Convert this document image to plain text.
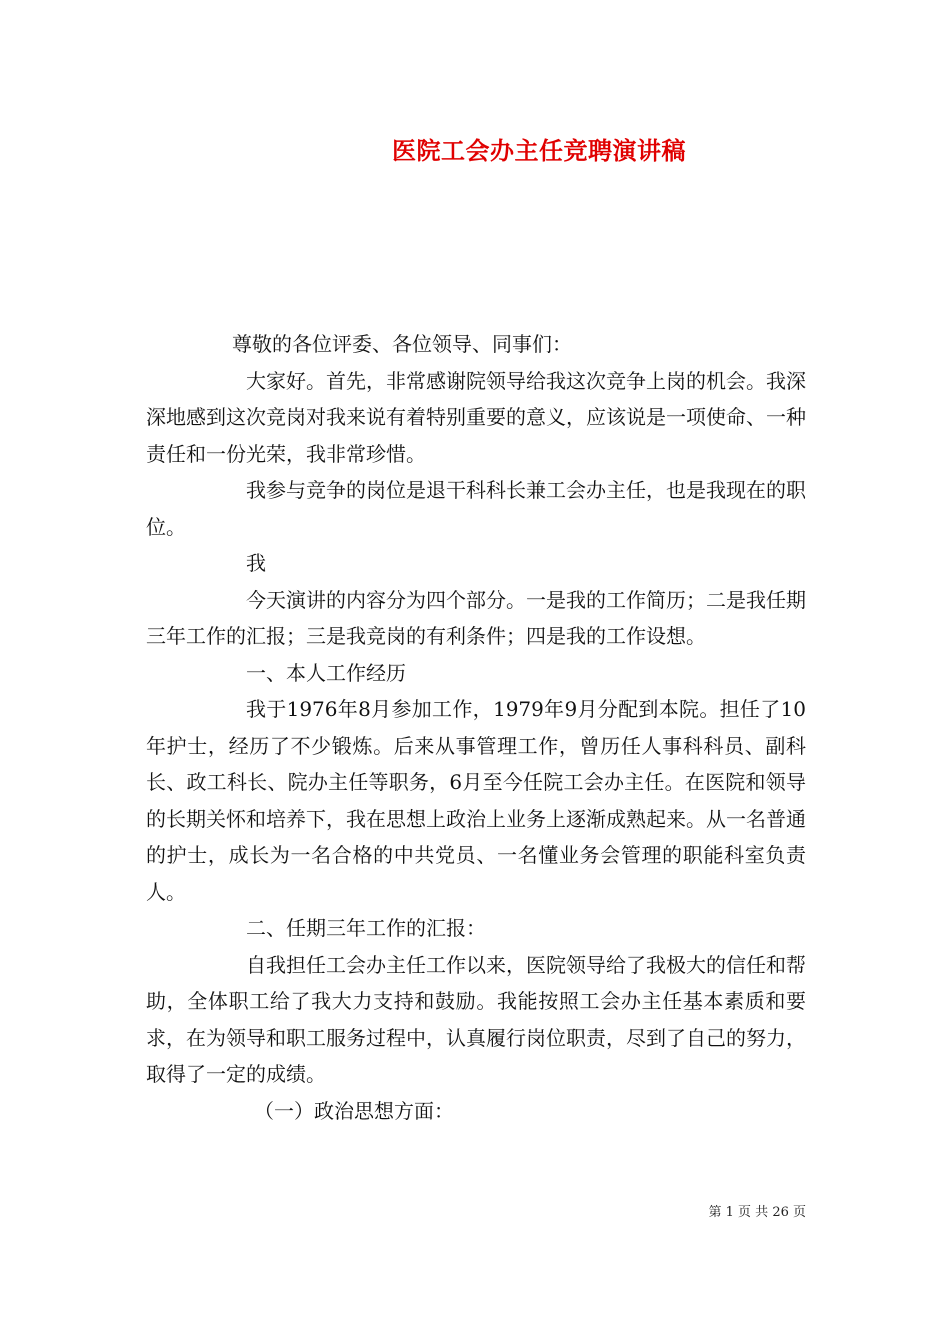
医院工会办主任竞聘演讲稿

尊敬的各位评委、各位领导、同事们：

大家好。首先，非常感谢院领导给我这次竞争上岗的机会。我深深地感到这次竞岗对我来说有着特别重要的意义，应该说是一项使命、一种责任和一份光荣，我非常珍惜。

我参与竞争的岗位是退干科科长兼工会办主任，也是我现在的职位。

我

今天演讲的内容分为四个部分。一是我的工作简历；二是我任期三年工作的汇报；三是我竞岗的有利条件；四是我的工作设想。

一、本人工作经历

我于1976年8月参加工作，1979年9月分配到本院。担任了10年护士，经历了不少锻炼。后来从事管理工作，曾历任人事科科员、副科长、政工科长、院办主任等职务，6月至今任院工会办主任。在医院和领导的长期关怀和培养下，我在思想上政治上业务上逐渐成熟起来。从一名普通的护士，成长为一名合格的中共党员、一名懂业务会管理的职能科室负责人。

二、任期三年工作的汇报：

自我担任工会办主任工作以来，医院领导给了我极大的信任和帮助，全体职工给了我大力支持和鼓励。我能按照工会办主任基本素质和要求，在为领导和职工服务过程中，认真履行岗位职责，尽到了自己的努力，取得了一定的成绩。

（一）政治思想方面：

第 1 页 共 26 页
